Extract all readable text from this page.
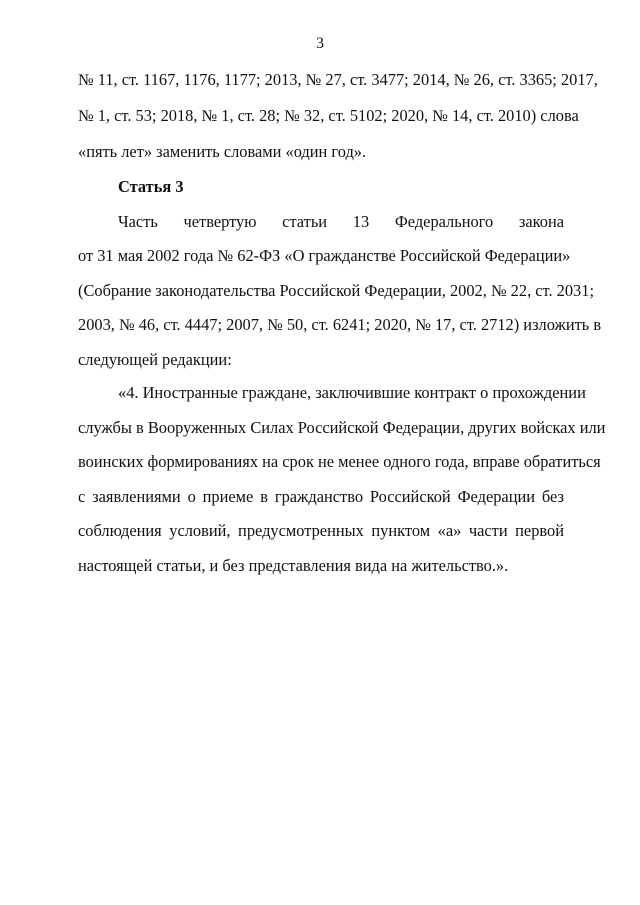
3
№ 11, ст. 1167, 1176, 1177; 2013, № 27, ст. 3477; 2014, № 26, ст. 3365; 2017,
№ 1, ст. 53; 2018, № 1, ст. 28; № 32, ст. 5102; 2020, № 14, ст. 2010) слова
«пять лет» заменить словами «один год».
Статья 3
Часть четвертую статьи 13 Федерального закона
от 31 мая 2002 года № 62-ФЗ «О гражданстве Российской Федерации»
(Собрание законодательства Российской Федерации, 2002, № 22, ст. 2031;
2003, № 46, ст. 4447; 2007, № 50, ст. 6241; 2020, № 17, ст. 2712) изложить в
следующей редакции:
«4. Иностранные граждане, заключившие контракт о прохождении
службы в Вооруженных Силах Российской Федерации, других войсках или
воинских формированиях на срок не менее одного года, вправе обратиться
с заявлениями о приеме в гражданство Российской Федерации без
соблюдения условий, предусмотренных пунктом «а» части первой
настоящей статьи, и без представления вида на жительство.».
